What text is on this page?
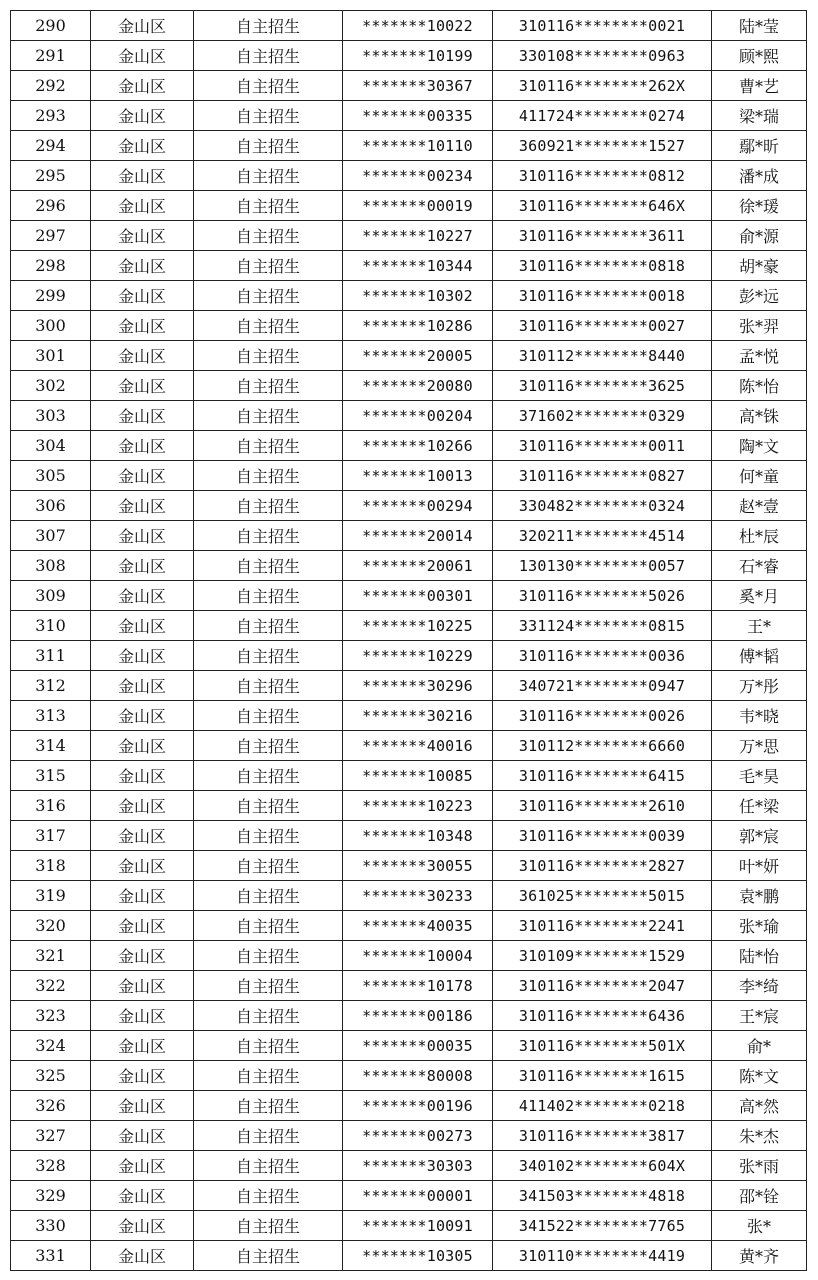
290	金山区	自主招生	*******10022	310116********0021	陆*莹
291	金山区	自主招生	*******10199	330108********0963	顾*熙
292	金山区	自主招生	*******30367	310116********262X	曹*艺
293	金山区	自主招生	*******00335	411724********0274	梁*瑞
294	金山区	自主招生	*******10110	360921********1527	鄢*昕
295	金山区	自主招生	*******00234	310116********0812	潘*成
296	金山区	自主招生	*******00019	310116********646X	徐*瑗
297	金山区	自主招生	*******10227	310116********3611	俞*源
298	金山区	自主招生	*******10344	310116********0818	胡*豪
299	金山区	自主招生	*******10302	310116********0018	彭*远
300	金山区	自主招生	*******10286	310116********0027	张*羿
301	金山区	自主招生	*******20005	310112********8440	孟*悦
302	金山区	自主招生	*******20080	310116********3625	陈*怡
303	金山区	自主招生	*******00204	371602********0329	高*铢
304	金山区	自主招生	*******10266	310116********0011	陶*文
305	金山区	自主招生	*******10013	310116********0827	何*童
306	金山区	自主招生	*******00294	330482********0324	赵*壹
307	金山区	自主招生	*******20014	320211********4514	杜*辰
308	金山区	自主招生	*******20061	130130********0057	石*睿
309	金山区	自主招生	*******00301	310116********5026	奚*月
310	金山区	自主招生	*******10225	331124********0815	王*
311	金山区	自主招生	*******10229	310116********0036	傅*韬
312	金山区	自主招生	*******30296	340721********0947	万*彤
313	金山区	自主招生	*******30216	310116********0026	韦*晓
314	金山区	自主招生	*******40016	310112********6660	万*思
315	金山区	自主招生	*******10085	310116********6415	毛*昊
316	金山区	自主招生	*******10223	310116********2610	任*梁
317	金山区	自主招生	*******10348	310116********0039	郭*宸
318	金山区	自主招生	*******30055	310116********2827	叶*妍
319	金山区	自主招生	*******30233	361025********5015	袁*鹏
320	金山区	自主招生	*******40035	310116********2241	张*瑜
321	金山区	自主招生	*******10004	310109********1529	陆*怡
322	金山区	自主招生	*******10178	310116********2047	李*绮
323	金山区	自主招生	*******00186	310116********6436	王*宸
324	金山区	自主招生	*******00035	310116********501X	俞*
325	金山区	自主招生	*******80008	310116********1615	陈*文
326	金山区	自主招生	*******00196	411402********0218	高*然
327	金山区	自主招生	*******00273	310116********3817	朱*杰
328	金山区	自主招生	*******30303	340102********604X	张*雨
329	金山区	自主招生	*******00001	341503********4818	邵*铨
330	金山区	自主招生	*******10091	341522********7765	张*
331	金山区	自主招生	*******10305	310110********4419	黄*齐
